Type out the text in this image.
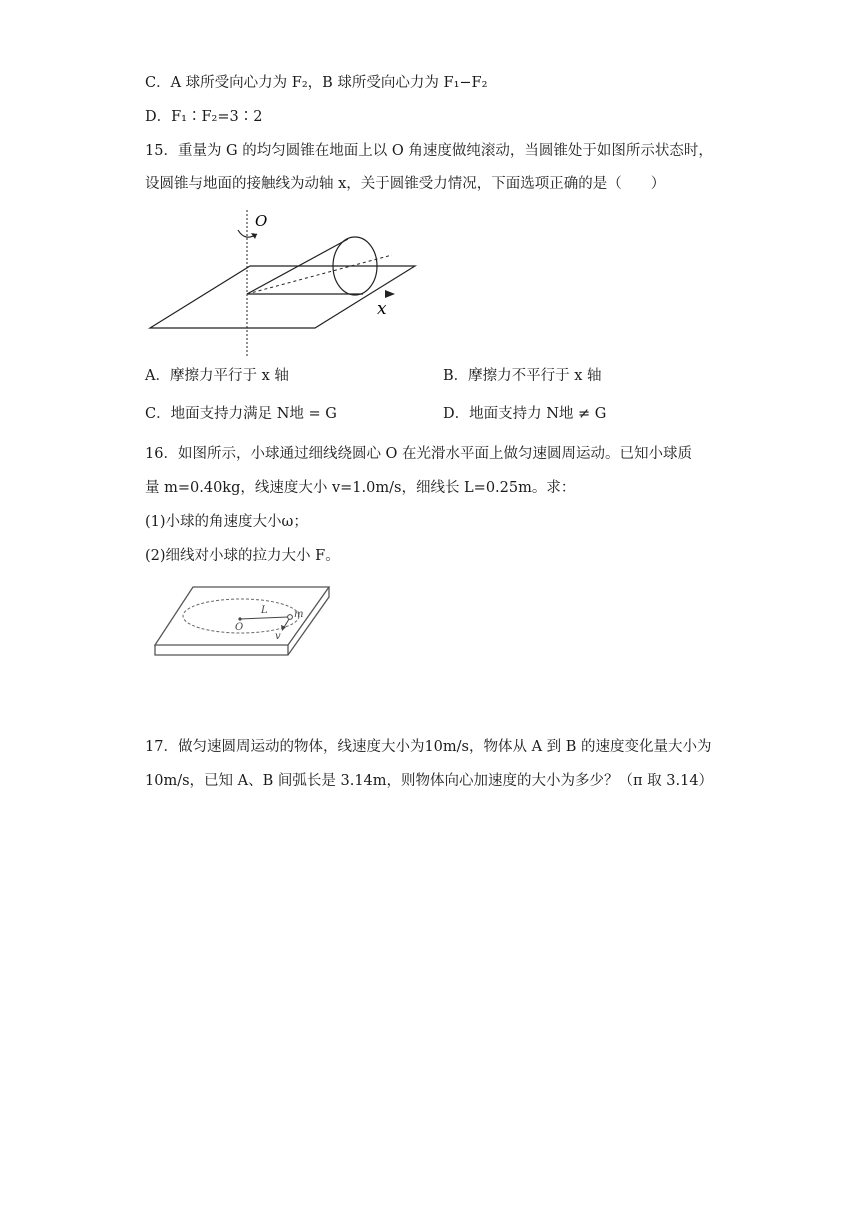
C．A 球所受向心力为 F₂，B 球所受向心力为 F₁−F₂
D．F₁∶F₂=3∶2
15．重量为 G 的均匀圆锥在地面上以 O 角速度做纯滚动，当圆锥处于如图所示状态时，
设圆锥与地面的接触线为动轴 x，关于圆锥受力情况，下面选项正确的是（　　）
O
x
A．摩擦力平行于 x 轴	B．摩擦力不平行于 x 轴
C．地面支持力满足 N地 = G	D．地面支持力 N地 ≠ G
16．如图所示，小球通过细线绕圆心 O 在光滑水平面上做匀速圆周运动。已知小球质
量 m=0.40kg，线速度大小 v=1.0m/s，细线长 L=0.25m。求：
(1)小球的角速度大小ω；
(2)细线对小球的拉力大小 F。
O
L	m
v
17．做匀速圆周运动的物体，线速度大小为10m/s，物体从 A 到 B 的速度变化量大小为
10m/s，已知 A、B 间弧长是 3.14m，则物体向心加速度的大小为多少？（π 取 3.14）
